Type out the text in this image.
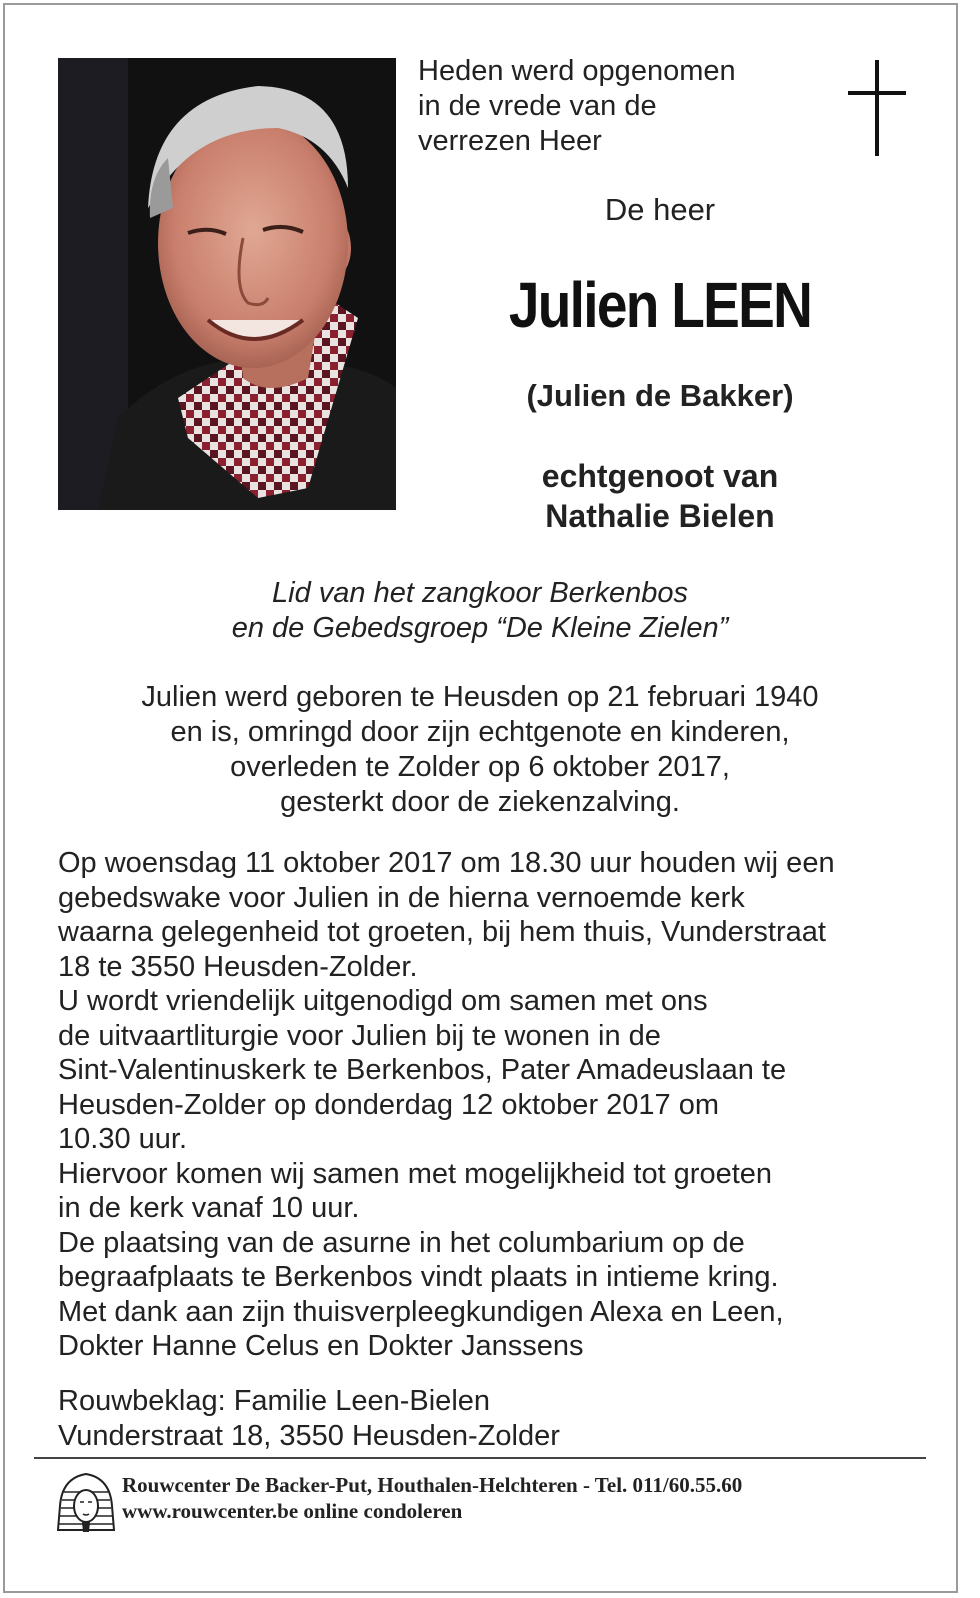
Heden werd opgenomen
in de vrede van de
verrezen Heer
De heer
Julien LEEN
(Julien de Bakker)
echtgenoot van
Nathalie Bielen
Lid van het zangkoor Berkenbos
en de Gebedsgroep “De Kleine Zielen”
Julien werd geboren te Heusden op 21 februari 1940
en is, omringd door zijn echtgenote en kinderen,
overleden te Zolder op 6 oktober 2017,
gesterkt door de ziekenzalving.
Op woensdag 11 oktober 2017 om 18.30 uur houden wij een
gebedswake voor Julien in de hierna vernoemde kerk
waarna gelegenheid tot groeten, bij hem thuis, Vunderstraat
18 te 3550 Heusden-Zolder.
U wordt vriendelijk uitgenodigd om samen met ons
de uitvaartliturgie voor Julien bij te wonen in de
Sint-Valentinuskerk te Berkenbos, Pater Amadeuslaan te
Heusden-Zolder op donderdag 12 oktober 2017 om
10.30 uur.
Hiervoor komen wij samen met mogelijkheid tot groeten
in de kerk vanaf 10 uur.
De plaatsing van de asurne in het columbarium op de
begraafplaats te Berkenbos vindt plaats in intieme kring.
Met dank aan zijn thuisverpleegkundigen Alexa en Leen,
Dokter Hanne Celus en Dokter Janssens
Rouwbeklag: Familie Leen-Bielen
Vunderstraat 18, 3550 Heusden-Zolder
Rouwcenter De Backer-Put, Houthalen-Helchteren - Tel. 011/60.55.60
www.rouwcenter.be online condoleren
